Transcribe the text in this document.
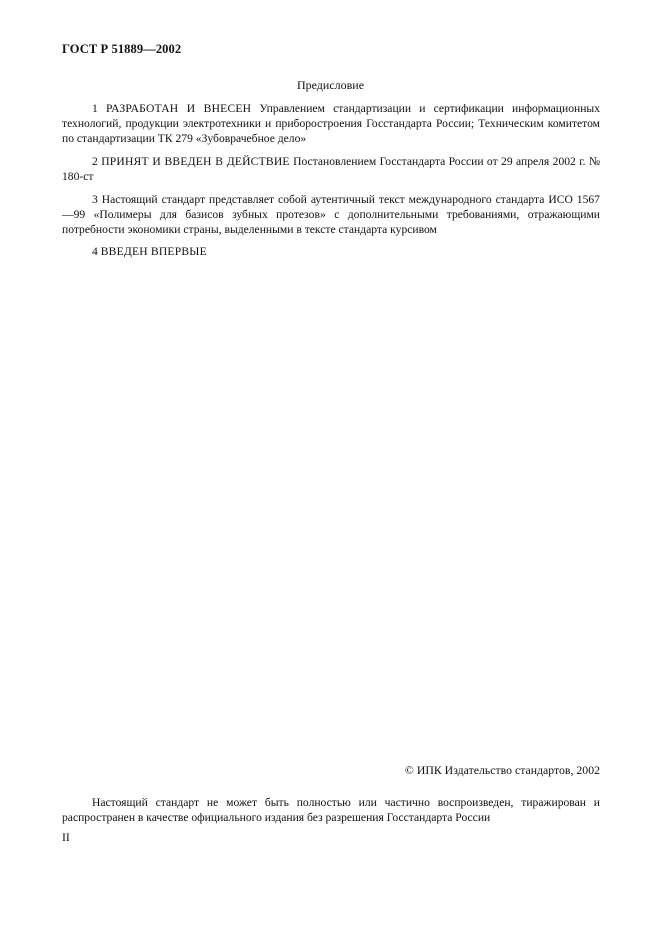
ГОСТ Р 51889—2002
Предисловие

1 РАЗРАБОТАН И ВНЕСЕН Управлением стандартизации и сертификации информационных технологий, продукции электротехники и приборостроения Госстандарта России; Техническим комитетом по стандартизации ТК 279 «Зубоврачебное дело»

2 ПРИНЯТ И ВВЕДЕН В ДЕЙСТВИЕ Постановлением Госстандарта России от 29 апреля 2002 г. № 180-ст

3 Настоящий стандарт представляет собой аутентичный текст международного стандарта ИСО 1567—99 «Полимеры для базисов зубных протезов» с дополнительными требованиями, отражающими потребности экономики страны, выделенными в тексте стандарта курсивом

4 ВВЕДЕН ВПЕРВЫЕ

© ИПК Издательство стандартов, 2002

Настоящий стандарт не может быть полностью или частично воспроизведен, тиражирован и распространен в качестве официального издания без разрешения Госстандарта России

II
